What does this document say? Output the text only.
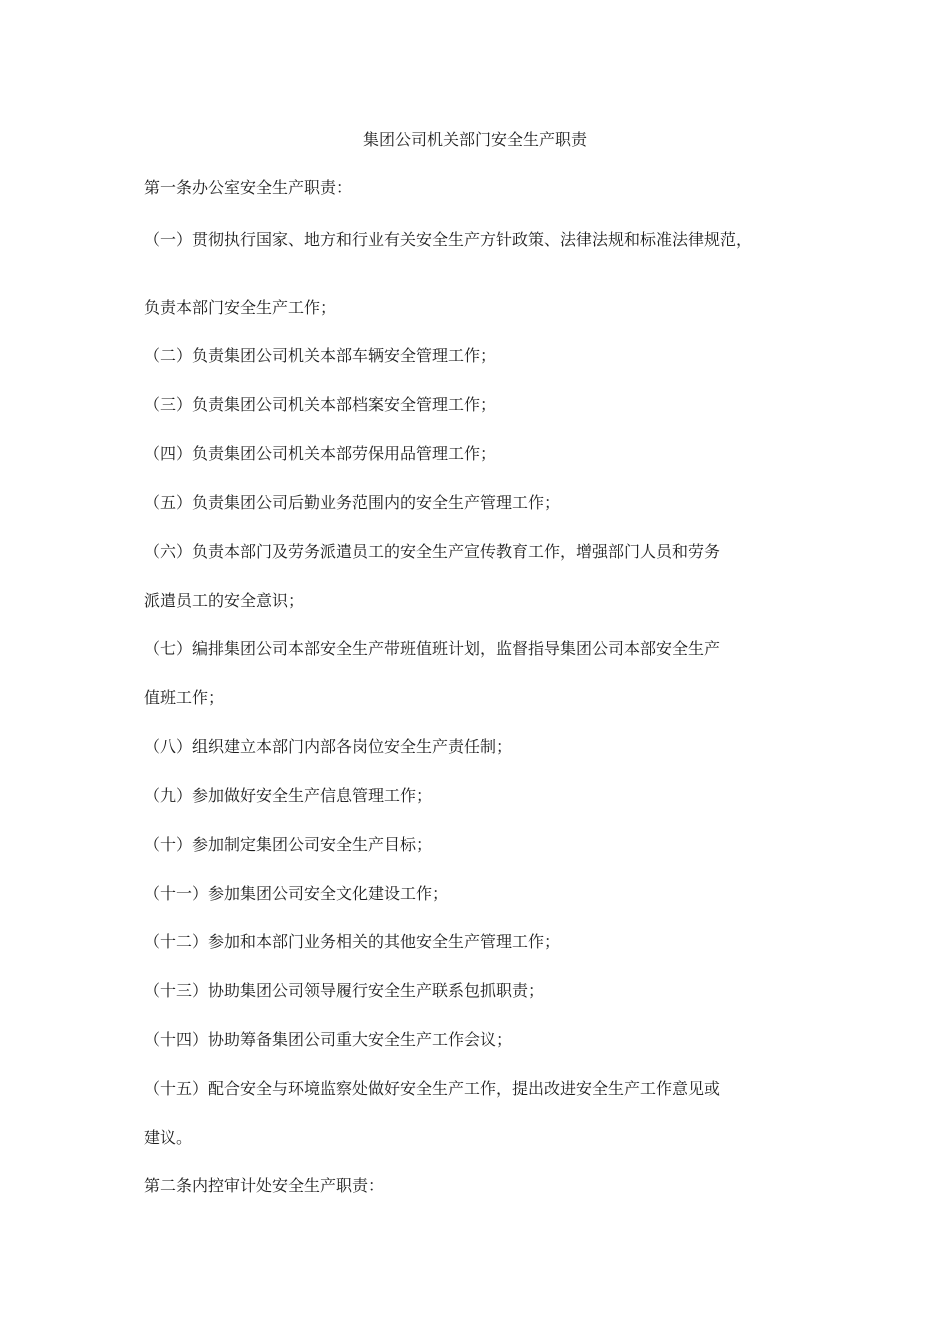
集团公司机关部门安全生产职责
第一条办公室安全生产职责：
（一）贯彻执行国家、地方和行业有关安全生产方针政策、法律法规和标准法律规范，
负责本部门安全生产工作；
（二）负责集团公司机关本部车辆安全管理工作；
（三）负责集团公司机关本部档案安全管理工作；
（四）负责集团公司机关本部劳保用品管理工作；
（五）负责集团公司后勤业务范围内的安全生产管理工作；
（六）负责本部门及劳务派遣员工的安全生产宣传教育工作，增强部门人员和劳务
派遣员工的安全意识；
（七）编排集团公司本部安全生产带班值班计划，监督指导集团公司本部安全生产
值班工作；
（八）组织建立本部门内部各岗位安全生产责任制；
（九）参加做好安全生产信息管理工作；
（十）参加制定集团公司安全生产目标；
（十一）参加集团公司安全文化建设工作；
（十二）参加和本部门业务相关的其他安全生产管理工作；
（十三）协助集团公司领导履行安全生产联系包抓职责；
（十四）协助筹备集团公司重大安全生产工作会议；
（十五）配合安全与环境监察处做好安全生产工作，提出改进安全生产工作意见或
建议。
第二条内控审计处安全生产职责：
